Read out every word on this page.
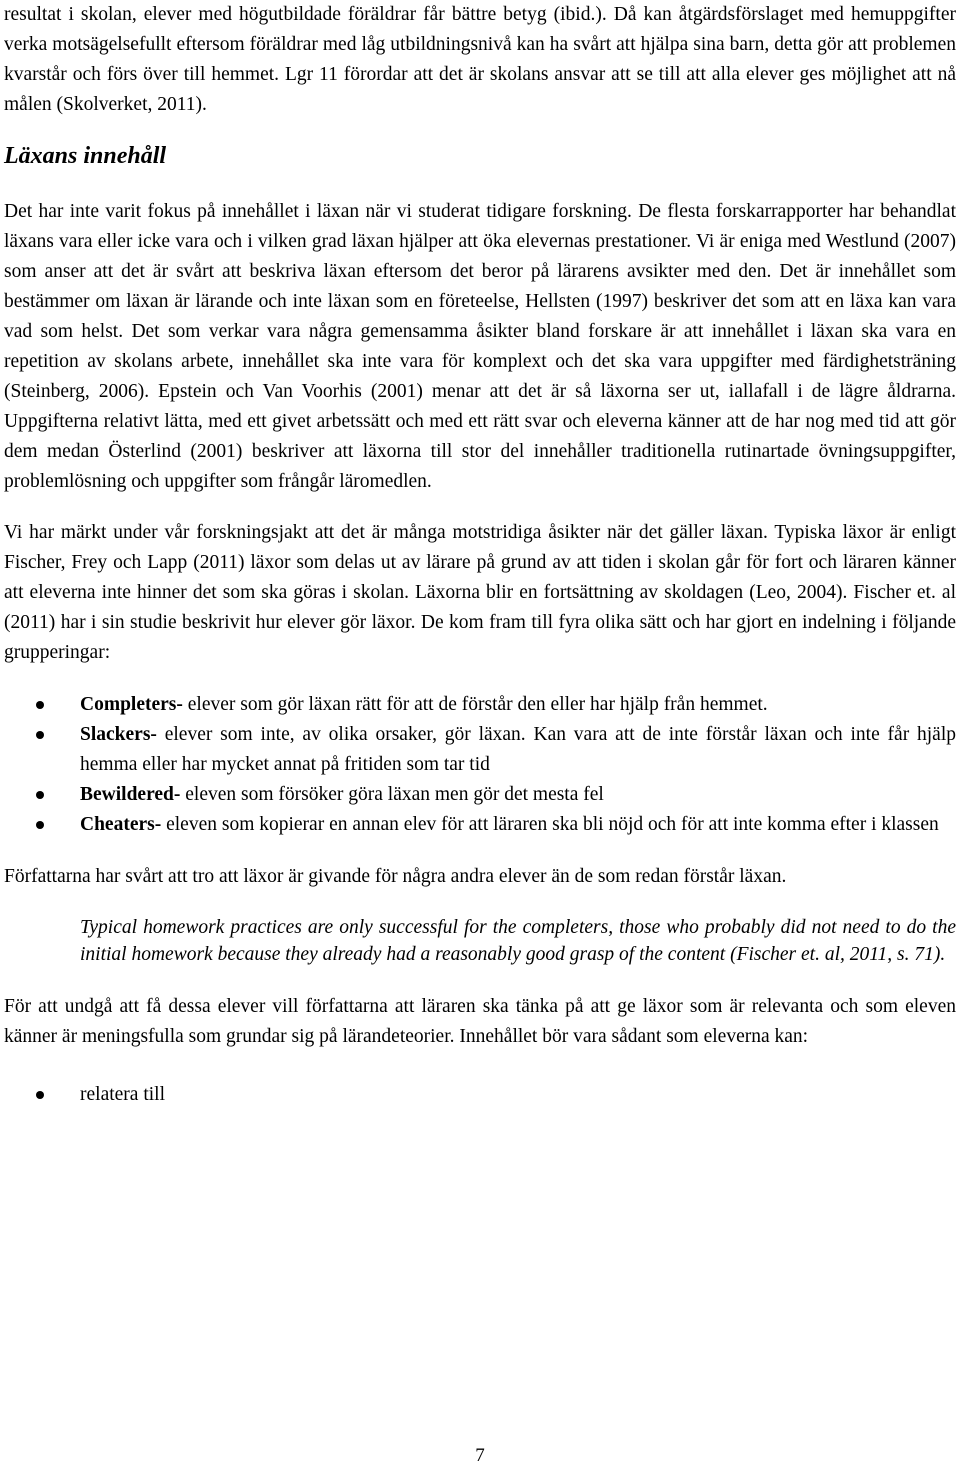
resultat i skolan, elever med högutbildade föräldrar får bättre betyg (ibid.). Då kan åtgärdsförslaget med hemuppgifter verka motsägelsefullt eftersom föräldrar med låg utbildningsnivå kan ha svårt att hjälpa sina barn, detta gör att problemen kvarstår och förs över till hemmet. Lgr 11 förordar att det är skolans ansvar att se till att alla elever ges möjlighet att nå målen (Skolverket, 2011).

Läxans innehåll

Det har inte varit fokus på innehållet i läxan när vi studerat tidigare forskning. De flesta forskarrapporter har behandlat läxans vara eller icke vara och i vilken grad läxan hjälper att öka elevernas prestationer. Vi är eniga med Westlund (2007) som anser att det är svårt att beskriva läxan eftersom det beror på lärarens avsikter med den. Det är innehållet som bestämmer om läxan är lärande och inte läxan som en företeelse, Hellsten (1997) beskriver det som att en läxa kan vara vad som helst. Det som verkar vara några gemensamma åsikter bland forskare är att innehållet i läxan ska vara en repetition av skolans arbete, innehållet ska inte vara för komplext och det ska vara uppgifter med färdighetsträning (Steinberg, 2006). Epstein och Van Voorhis (2001) menar att det är så läxorna ser ut, iallafall i de lägre åldrarna. Uppgifterna relativt lätta, med ett givet arbetssätt och med ett rätt svar och eleverna känner att de har nog med tid att gör dem medan Österlind (2001) beskriver att läxorna till stor del innehåller traditionella rutinartade övningsuppgifter, problemlösning och uppgifter som frångår läromedlen.

Vi har märkt under vår forskningsjakt att det är många motstridiga åsikter när det gäller läxan. Typiska läxor är enligt Fischer, Frey och Lapp (2011) läxor som delas ut av lärare på grund av att tiden i skolan går för fort och läraren känner att eleverna inte hinner det som ska göras i skolan. Läxorna blir en fortsättning av skoldagen (Leo, 2004). Fischer et. al (2011) har i sin studie beskrivit hur elever gör läxor. De kom fram till fyra olika sätt och har gjort en indelning i följande grupperingar:

Completers- elever som gör läxan rätt för att de förstår den eller har hjälp från hemmet.
Slackers- elever som inte, av olika orsaker, gör läxan. Kan vara att de inte förstår läxan och inte får hjälp hemma eller har mycket annat på fritiden som tar tid
Bewildered- eleven som försöker göra läxan men gör det mesta fel
Cheaters- eleven som kopierar en annan elev för att läraren ska bli nöjd och för att inte komma efter i klassen

Författarna har svårt att tro att läxor är givande för några andra elever än de som redan förstår läxan.

Typical homework practices are only successful for the completers, those who probably did not need to do the initial homework because they already had a reasonably good grasp of the content (Fischer et. al, 2011, s. 71).

För att undgå att få dessa elever vill författarna att läraren ska tänka på att ge läxor som är relevanta och som eleven känner är meningsfulla som grundar sig på lärandeteorier. Innehållet bör vara sådant som eleverna kan:

relatera till
7
